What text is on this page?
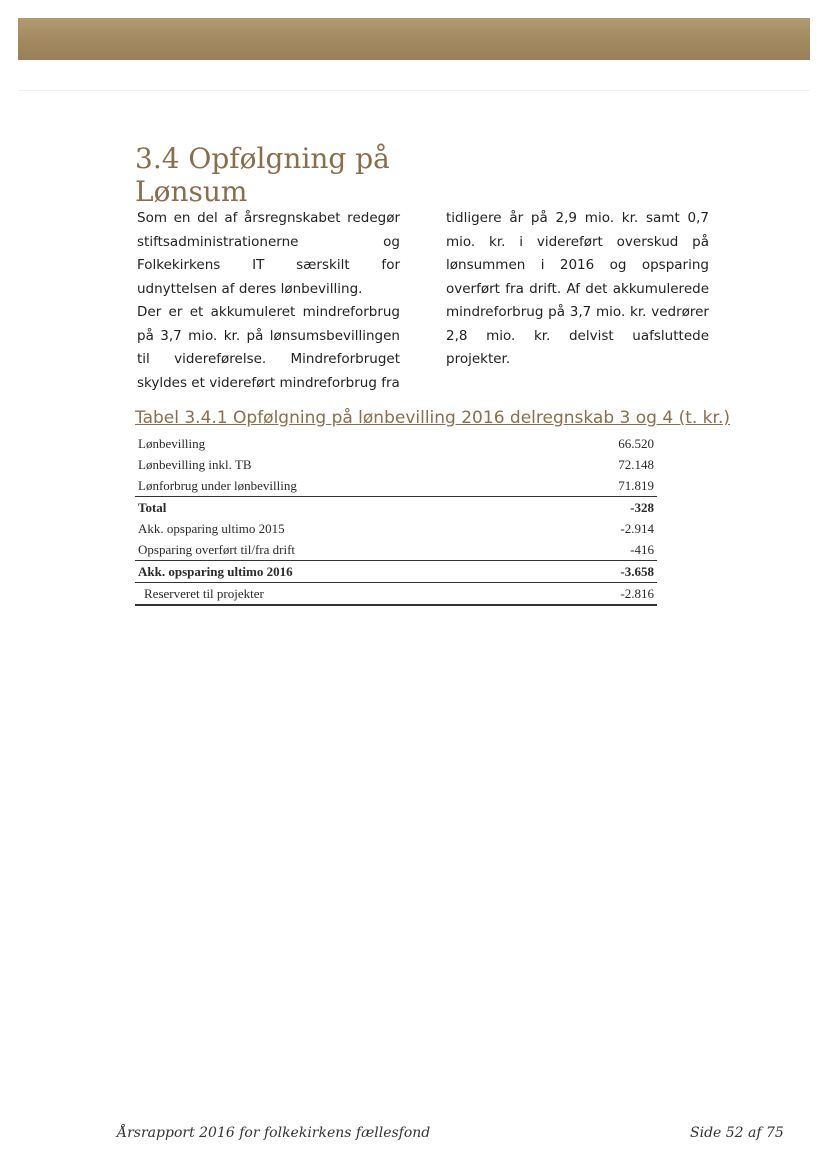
3.4 Opfølgning på
Lønsum

Som en del af årsregnskabet redegør stiftsadministrationerne og Folkekirkens IT særskilt for udnyttelsen af deres lønbevilling.

Der er et akkumuleret mindreforbrug på 3,7 mio. kr. på lønsumsbevillingen til videreførelse. Mindreforbruget skyldes et videreført mindreforbrug fra

tidligere år på 2,9 mio. kr. samt 0,7 mio. kr. i videreført overskud på lønsummen i 2016 og opsparing overført fra drift. Af det akkumulerede mindreforbrug på 3,7 mio. kr. vedrører 2,8 mio. kr. delvist uafsluttede projekter.

Tabel 3.4.1 Opfølgning på lønbevilling 2016 delregnskab 3 og 4 (t. kr.)
Lønbevilling	66.520
Lønbevilling inkl. TB	72.148
Lønforbrug under lønbevilling	71.819
Total	-328
Akk. opsparing ultimo 2015	-2.914
Opsparing overført til/fra drift	-416
Akk. opsparing ultimo 2016	-3.658
Reserveret til projekter	-2.816
Årsrapport 2016 for folkekirkens fællesfond	Side 52 af 75
